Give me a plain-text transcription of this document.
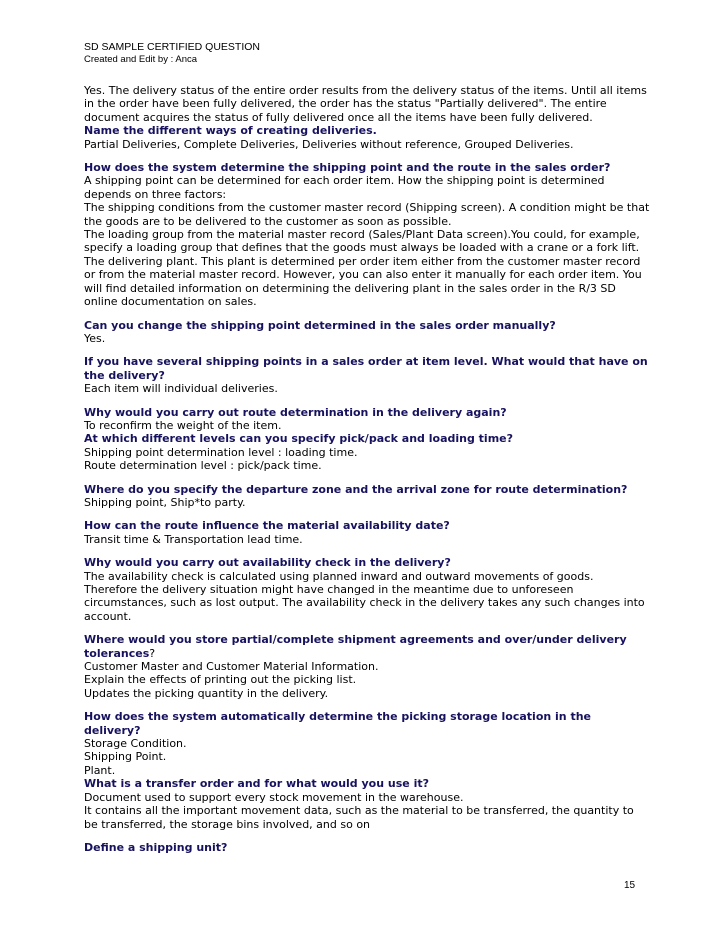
SD SAMPLE CERTIFIED QUESTION
Created and Edit by : Anca

Yes. The delivery status of the entire order results from the delivery status of the items. Until all items in the order have been fully delivered, the order has the status "Partially delivered". The entire document acquires the status of fully delivered once all the items have been fully delivered.

Name the different ways of creating deliveries.

Partial Deliveries, Complete Deliveries, Deliveries without reference, Grouped Deliveries.

How does the system determine the shipping point and the route in the sales order?

A shipping point can be determined for each order item. How the shipping point is determined depends on three factors:

The shipping conditions from the customer master record (Shipping screen). A condition might be that the goods are to be delivered to the customer as soon as possible.

The loading group from the material master record (Sales/Plant Data screen).You could, for example, specify a loading group that defines that the goods must always be loaded with a crane or a fork lift.

The delivering plant. This plant is determined per order item either from the customer master record or from the material master record. However, you can also enter it manually for each order item. You will find detailed information on determining the delivering plant in the sales order in the R/3 SD online documentation on sales.

Can you change the shipping point determined in the sales order manually?

Yes.

If you have several shipping points in a sales order at item level. What would that have on the delivery?

Each item will individual deliveries.

Why would you carry out route determination in the delivery again?

To reconfirm the weight of the item.

At which different levels can you specify pick/pack and loading time?

Shipping point determination level : loading time.

Route determination level : pick/pack time.

Where do you specify the departure zone and the arrival zone for route determination?

Shipping point, Ship*to party.

How can the route influence the material availability date?

Transit time & Transportation lead time.

Why would you carry out availability check in the delivery?

The availability check is calculated using planned inward and outward movements of goods. Therefore the delivery situation might have changed in the meantime due to unforeseen circumstances, such as lost output. The availability check in the delivery takes any such changes into account.

Where would you store partial/complete shipment agreements and over/under delivery tolerances?

Customer Master and Customer Material Information.

Explain the effects of printing out the picking list.

Updates the picking quantity in the delivery.

How does the system automatically determine the picking storage location in the delivery?

Storage Condition.

Shipping Point.

Plant.

What is a transfer order and for what would you use it?

Document used to support every stock movement in the warehouse.

It contains all the important movement data, such as the material to be transferred, the quantity to be transferred, the storage bins involved, and so on

Define a shipping unit?

15
